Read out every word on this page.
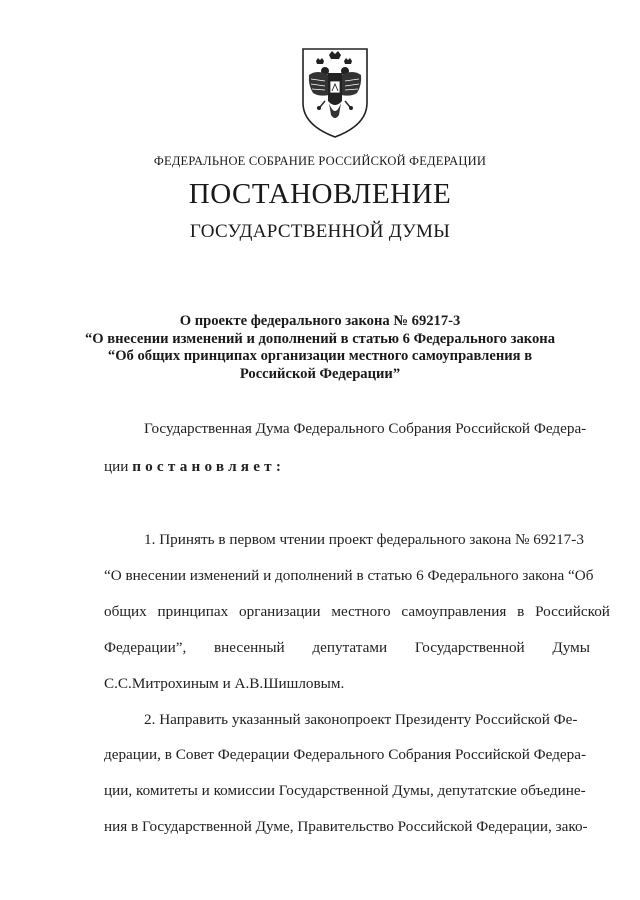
ФЕДЕРАЛЬНОЕ СОБРАНИЕ РОССИЙСКОЙ ФЕДЕРАЦИИ
ПОСТАНОВЛЕНИЕ
ГОСУДАРСТВЕННОЙ ДУМЫ
О проекте федерального закона № 69217-3
“О внесении изменений и дополнений в статью 6 Федерального закона
“Об общих принципах организации местного самоуправления в
Российской Федерации”
Государственная Дума Федерального Собрания Российской Федера-
ции постановляет:
1. Принять в первом чтении проект федерального закона № 69217-3
“О внесении изменений и дополнений в статью 6 Федерального закона “Об
общих принципах организации местного самоуправления в Российской
Федерации”, внесенный депутатами Государственной Думы
С.С.Митрохиным и А.В.Шишловым.
2. Направить указанный законопроект Президенту Российской Фе-
дерации, в Совет Федерации Федерального Собрания Российской Федера-
ции, комитеты и комиссии Государственной Думы, депутатские объедине-
ния в Государственной Думе, Правительство Российской Федерации, зако-
